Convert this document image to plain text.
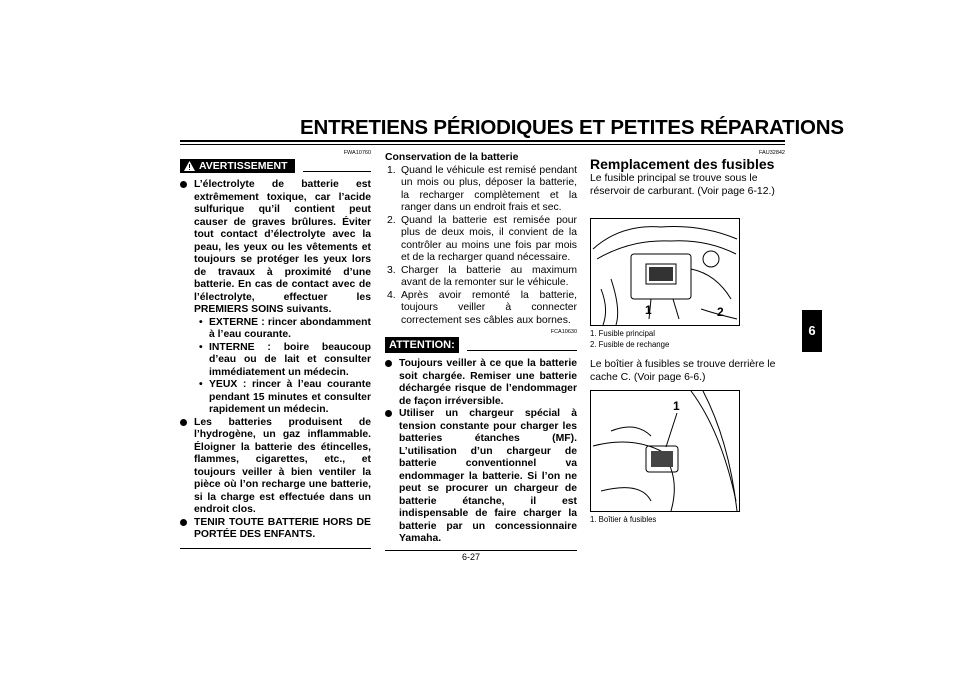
ENTRETIENS PÉRIODIQUES ET PETITES RÉPARATIONS
6
FWA10760
AVERTISSEMENT
L’électrolyte de batterie est extrêmement toxique, car l’acide sulfurique qu’il contient peut causer de graves brûlures. Éviter tout contact d’électrolyte avec la peau, les yeux ou les vêtements et toujours se protéger les yeux lors de travaux à proximité d’une batterie. En cas de contact avec de l’électrolyte, effectuer les PREMIERS SOINS suivants.
• EXTERNE : rincer abondamment à l’eau courante.
• INTERNE : boire beaucoup d’eau ou de lait et consulter immédiatement un médecin.
• YEUX : rincer à l’eau courante pendant 15 minutes et consulter rapidement un médecin.
Les batteries produisent de l’hydrogène, un gaz inflammable. Éloigner la batterie des étincelles, flammes, cigarettes, etc., et toujours veiller à bien ventiler la pièce où l’on recharge une batterie, si la charge est effectuée dans un endroit clos.
TENIR TOUTE BATTERIE HORS DE PORTÉE DES ENFANTS.
Conservation de la batterie
1. Quand le véhicule est remisé pendant un mois ou plus, déposer la batterie, la recharger complètement et la ranger dans un endroit frais et sec.
2. Quand la batterie est remisée pour plus de deux mois, il convient de la contrôler au moins une fois par mois et de la recharger quand nécessaire.
3. Charger la batterie au maximum avant de la remonter sur le véhicule.
4. Après avoir remonté la batterie, toujours veiller à connecter correctement ses câbles aux bornes.
FCA10630
ATTENTION:
Toujours veiller à ce que la batterie soit chargée. Remiser une batterie déchargée risque de l’endommager de façon irréversible.
Utiliser un chargeur spécial à tension constante pour charger les batteries étanches (MF). L’utilisation d’un chargeur de batterie conventionnel va endommager la batterie. Si l’on ne peut se procurer un chargeur de batterie étanche, il est indispensable de faire charger la batterie par un concessionnaire Yamaha.
FAU32842
Remplacement des fusibles
Le fusible principal se trouve sous le réservoir de carburant. (Voir page 6-12.)
1	2
1. Fusible principal
2. Fusible de rechange
Le boîtier à fusibles se trouve derrière le cache C. (Voir page 6-6.)
1
1. Boîtier à fusibles
6-27
